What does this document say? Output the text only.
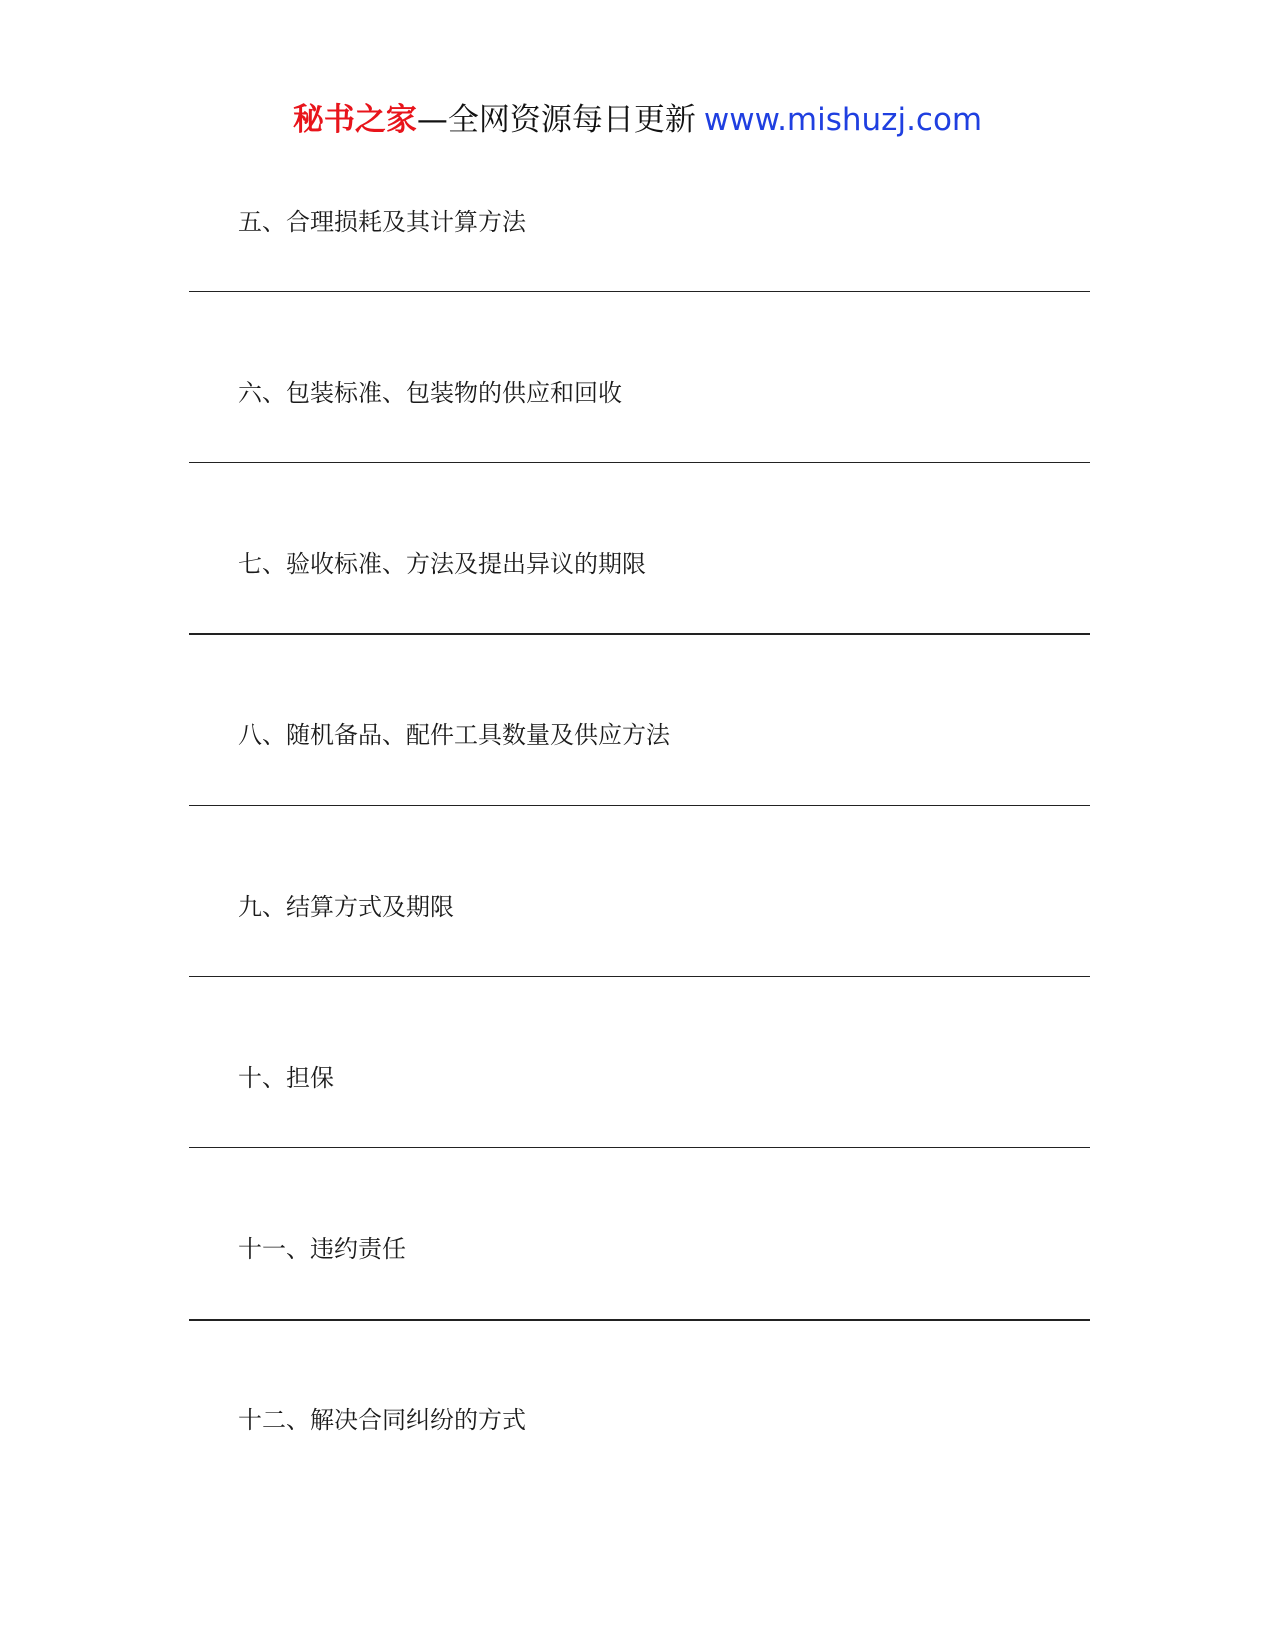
秘书之家—全网资源每日更新 www.mishuzj.com
五、合理损耗及其计算方法
六、包装标准、包装物的供应和回收
七、验收标准、方法及提出异议的期限
八、随机备品、配件工具数量及供应方法
九、结算方式及期限
十、担保
十一、违约责任
十二、解决合同纠纷的方式
